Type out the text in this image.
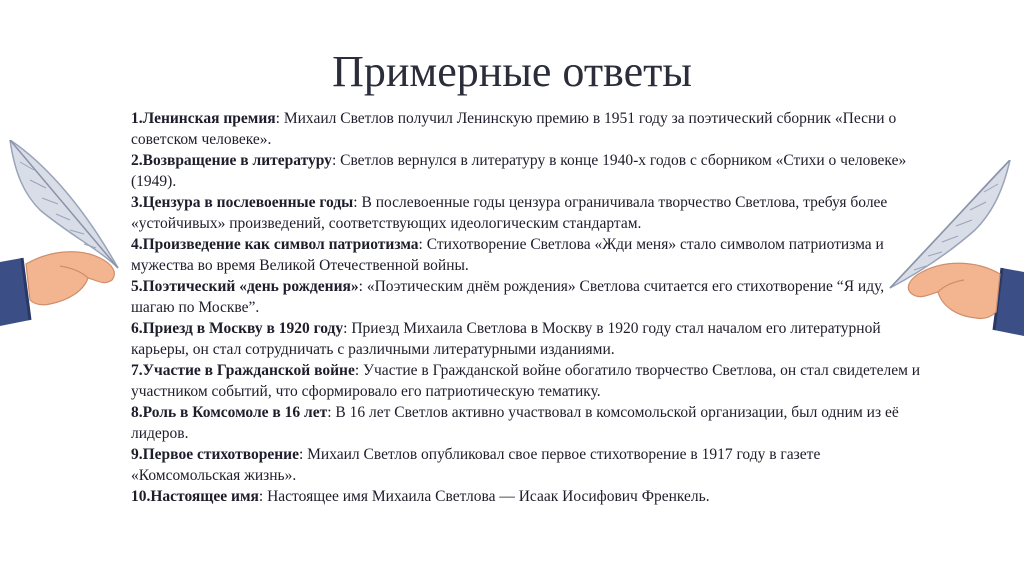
Примерные ответы

1.Ленинская премия: Михаил Светлов получил Ленинскую премию в 1951 году за поэтический сборник «Песни о советском человеке».

2.Возвращение в литературу: Светлов вернулся в литературу в конце 1940-х годов с сборником «Стихи о человеке» (1949).

3.Цензура в послевоенные годы: В послевоенные годы цензура ограничивала творчество Светлова, требуя более «устойчивых» произведений, соответствующих идеологическим стандартам.

4.Произведение как символ патриотизма: Стихотворение Светлова «Жди меня» стало символом патриотизма и мужества во время Великой Отечественной войны.

5.Поэтический «день рождения»: «Поэтическим днём рождения» Светлова считается его стихотворение “Я иду, шагаю по Москве”.

6.Приезд в Москву в 1920 году: Приезд Михаила Светлова в Москву в 1920 году стал началом его литературной карьеры, он стал сотрудничать с различными литературными изданиями.

7.Участие в Гражданской войне: Участие в Гражданской войне обогатило творчество Светлова, он стал свидетелем и участником событий, что сформировало его патриотическую тематику.

8.Роль в Комсомоле в 16 лет: В 16 лет Светлов активно участвовал в комсомольской организации, был одним из её лидеров.

9.Первое стихотворение: Михаил Светлов опубликовал свое первое стихотворение в 1917 году в газете «Комсомольская жизнь».

10.Настоящее имя: Настоящее имя Михаила Светлова — Исаак Иосифович Френкель.
